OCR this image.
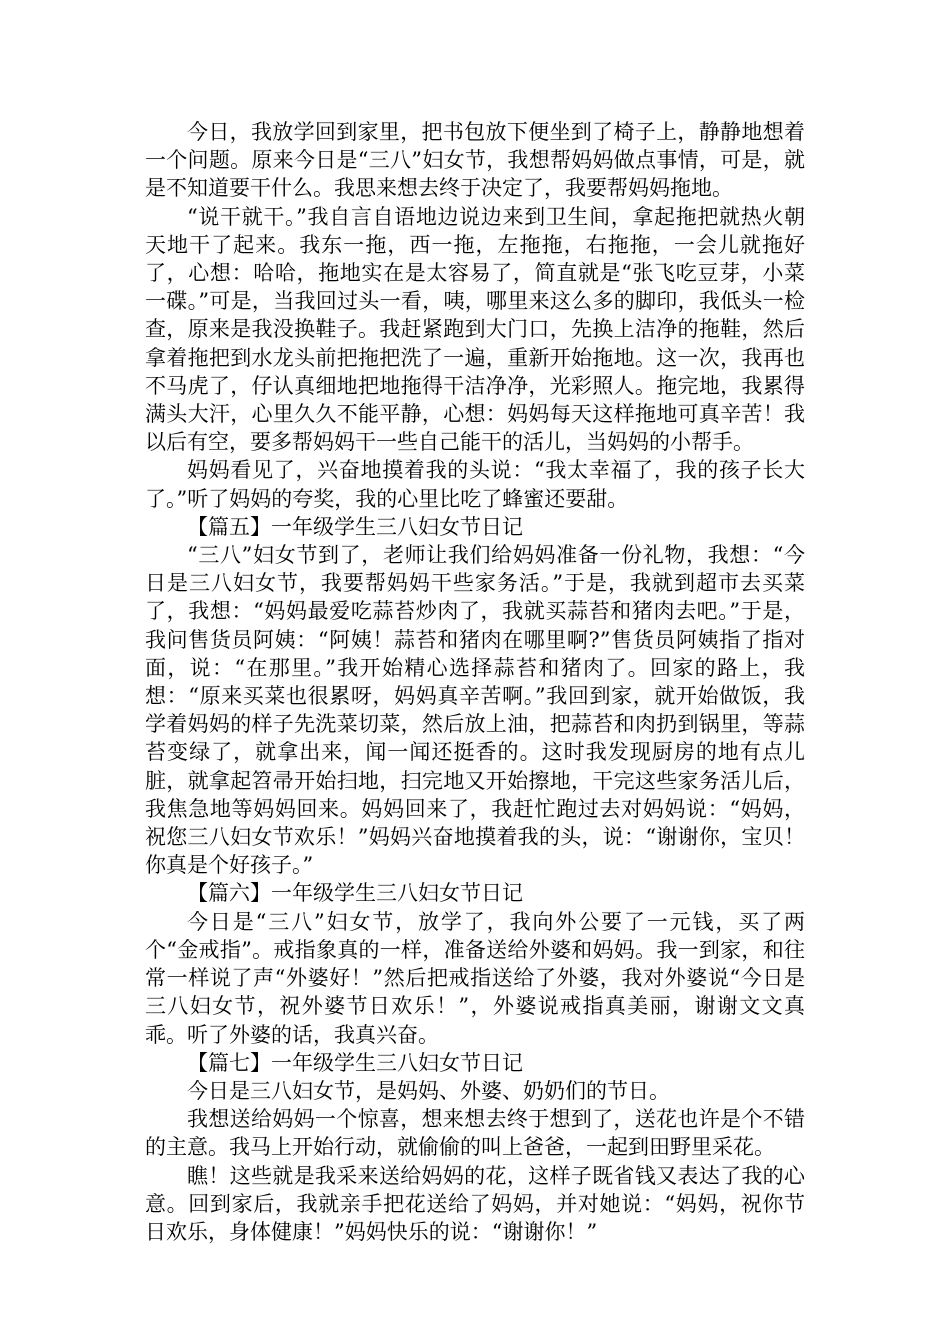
今日，我放学回到家里，把书包放下便坐到了椅子上，静静地想着一个问题。原来今日是“三八”妇女节，我想帮妈妈做点事情，可是，就是不知道要干什么。我思来想去终于决定了，我要帮妈妈拖地。

“说干就干。”我自言自语地边说边来到卫生间，拿起拖把就热火朝天地干了起来。我东一拖，西一拖，左拖拖，右拖拖，一会儿就拖好了，心想：哈哈，拖地实在是太容易了，简直就是“张飞吃豆芽，小菜一碟。”可是，当我回过头一看，咦，哪里来这么多的脚印，我低头一检查，原来是我没换鞋子。我赶紧跑到大门口，先换上洁净的拖鞋，然后拿着拖把到水龙头前把拖把洗了一遍，重新开始拖地。这一次，我再也不马虎了，仔认真细地把地拖得干洁净净，光彩照人。拖完地，我累得满头大汗，心里久久不能平静，心想：妈妈每天这样拖地可真辛苦！我以后有空，要多帮妈妈干一些自己能干的活儿，当妈妈的小帮手。

妈妈看见了，兴奋地摸着我的头说：“我太幸福了，我的孩子长大了。”听了妈妈的夸奖，我的心里比吃了蜂蜜还要甜。

【篇五】一年级学生三八妇女节日记

“三八”妇女节到了，老师让我们给妈妈准备一份礼物，我想：“今日是三八妇女节，我要帮妈妈干些家务活。”于是，我就到超市去买菜了，我想：“妈妈最爱吃蒜苔炒肉了，我就买蒜苔和猪肉去吧。”于是，我问售货员阿姨：“阿姨！蒜苔和猪肉在哪里啊?”售货员阿姨指了指对面，说：“在那里。”我开始精心选择蒜苔和猪肉了。回家的路上，我想：“原来买菜也很累呀，妈妈真辛苦啊。”我回到家，就开始做饭，我学着妈妈的样子先洗菜切菜，然后放上油，把蒜苔和肉扔到锅里，等蒜苔变绿了，就拿出来，闻一闻还挺香的。这时我发现厨房的地有点儿脏，就拿起笤帚开始扫地，扫完地又开始擦地，干完这些家务活儿后，我焦急地等妈妈回来。妈妈回来了，我赶忙跑过去对妈妈说：“妈妈，祝您三八妇女节欢乐！”妈妈兴奋地摸着我的头，说：“谢谢你，宝贝！你真是个好孩子。”

【篇六】一年级学生三八妇女节日记

今日是“三八”妇女节，放学了，我向外公要了一元钱，买了两个“金戒指”。戒指象真的一样，准备送给外婆和妈妈。我一到家，和往常一样说了声“外婆好！”然后把戒指送给了外婆，我对外婆说“今日是三八妇女节，祝外婆节日欢乐！”，外婆说戒指真美丽，谢谢文文真乖。听了外婆的话，我真兴奋。

【篇七】一年级学生三八妇女节日记

今日是三八妇女节，是妈妈、外婆、奶奶们的节日。

我想送给妈妈一个惊喜，想来想去终于想到了，送花也许是个不错的主意。我马上开始行动，就偷偷的叫上爸爸，一起到田野里采花。

瞧！这些就是我采来送给妈妈的花，这样子既省钱又表达了我的心意。回到家后，我就亲手把花送给了妈妈，并对她说：“妈妈，祝你节日欢乐，身体健康！”妈妈快乐的说：“谢谢你！”
